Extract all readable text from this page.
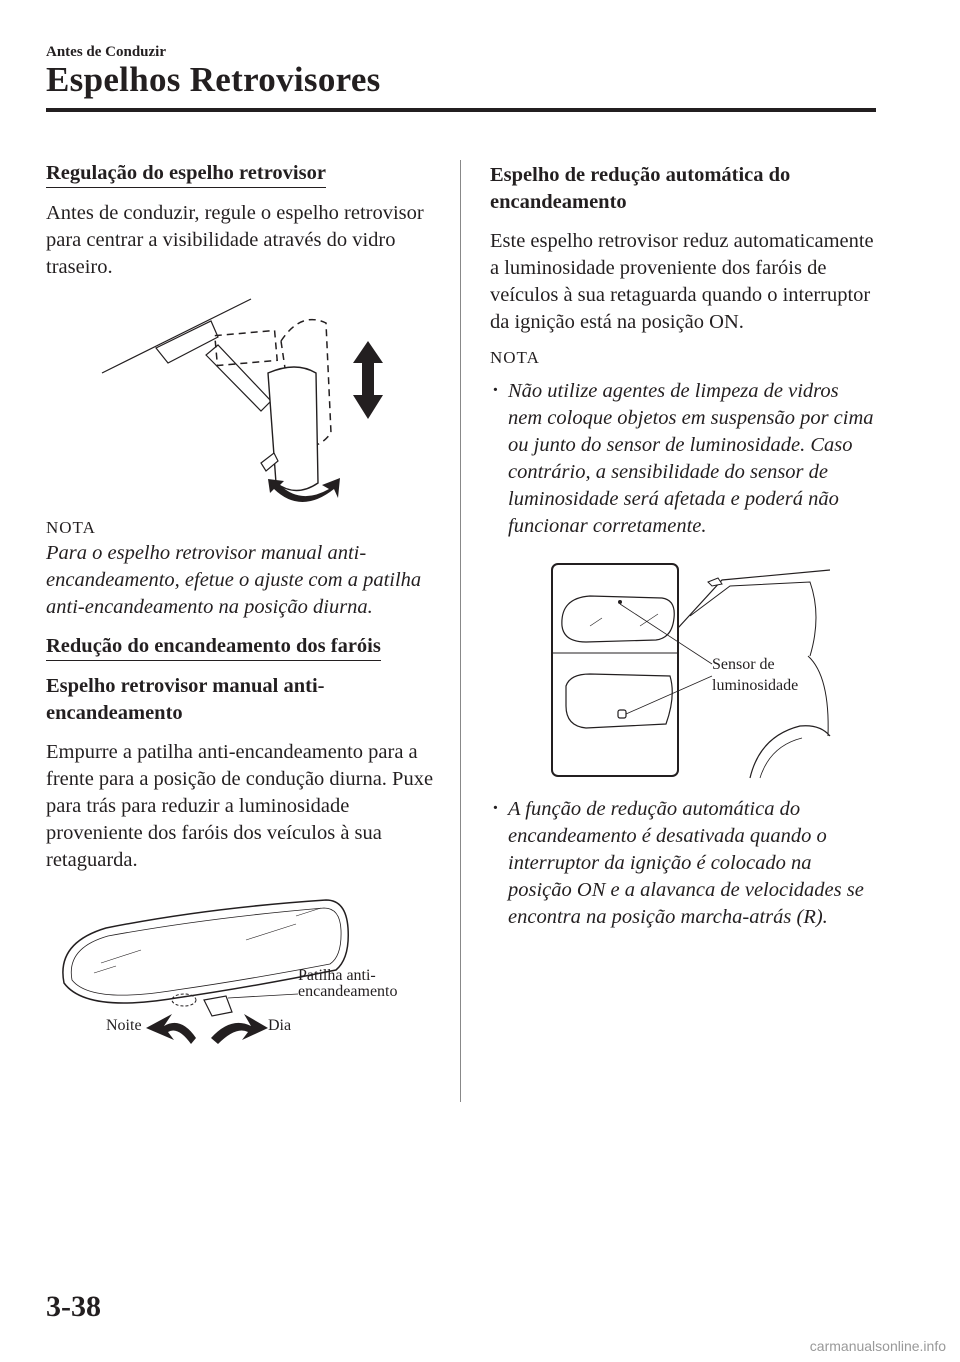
Antes de Conduzir
Espelhos Retrovisores
Regulação do espelho retrovisor

Antes de conduzir, regule o espelho retrovisor para centrar a visibilidade através do vidro traseiro.

NOTA
Para o espelho retrovisor manual anti-encandeamento, efetue o ajuste com a patilha anti-encandeamento na posição diurna.
Redução do encandeamento dos faróis
Espelho retrovisor manual anti-encandeamento

Empurre a patilha anti-encandeamento para a frente para a posição de condução diurna. Puxe para trás para reduzir a luminosidade proveniente dos faróis dos veículos à sua retaguarda.

Patilha anti-
encandeamento
Noite	Dia
Espelho de redução automática do encandeamento

Este espelho retrovisor reduz automaticamente a luminosidade proveniente dos faróis de veículos à sua retaguarda quando o interruptor da ignição está na posição ON.

NOTA
· Não utilize agentes de limpeza de vidros nem coloque objetos em suspensão por cima ou junto do sensor de luminosidade. Caso contrário, a sensibilidade do sensor de luminosidade será afetada e poderá não funcionar corretamente.
Sensor de
luminosidade
· A função de redução automática do encandeamento é desativada quando o interruptor da ignição é colocado na posição ON e a alavanca de velocidades se encontra na posição marcha-atrás (R).
3-38
carmanualsonline.info
